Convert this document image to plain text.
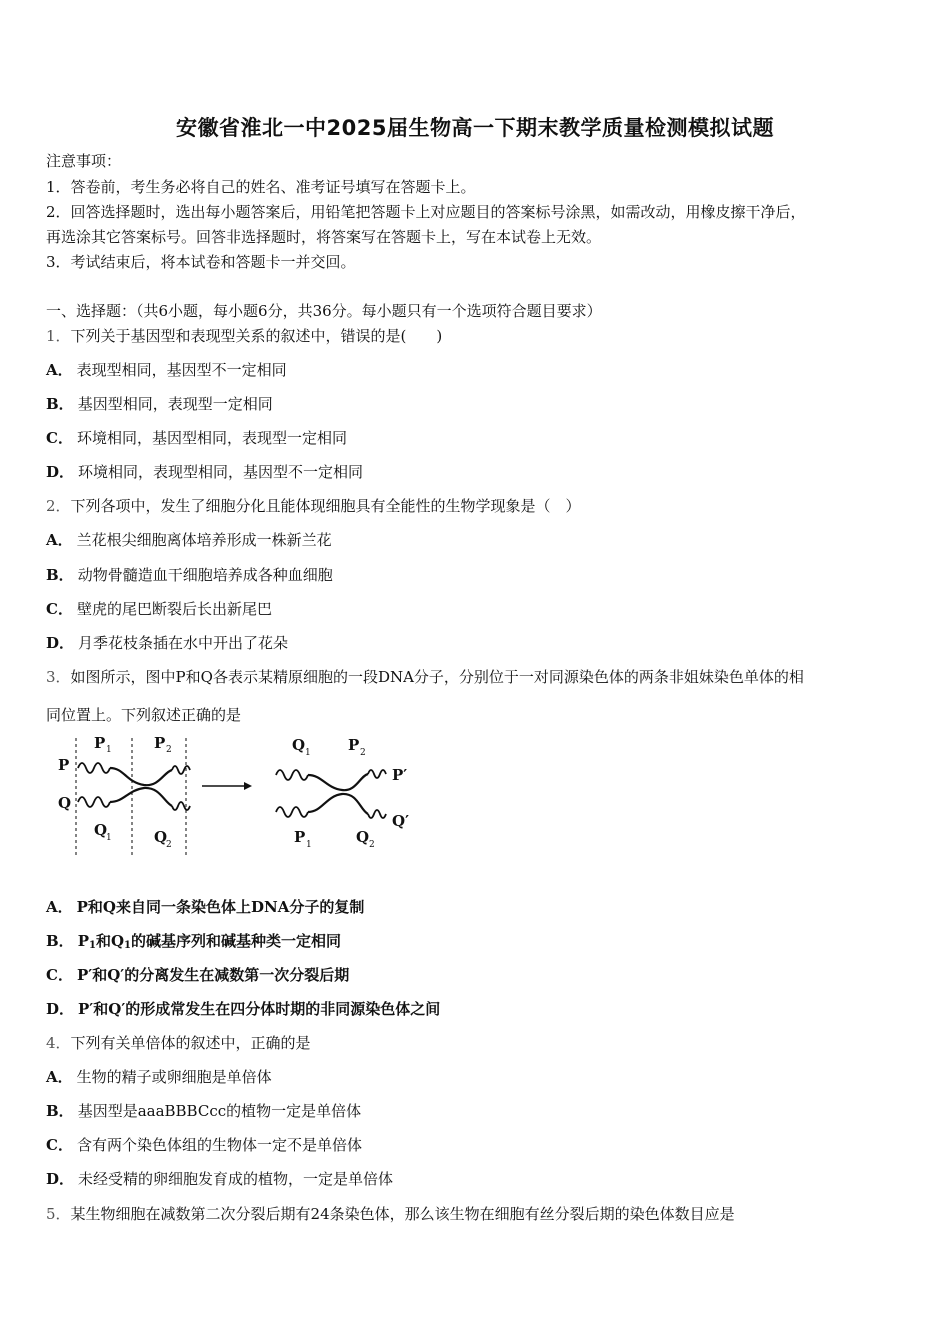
安徽省淮北一中2025届生物高一下期末教学质量检测模拟试题
注意事项：
1．答卷前，考生务必将自己的姓名、准考证号填写在答题卡上。
2．回答选择题时，选出每小题答案后，用铅笔把答题卡上对应题目的答案标号涂黑，如需改动，用橡皮擦干净后，
再选涂其它答案标号。回答非选择题时，将答案写在答题卡上，写在本试卷上无效。
3．考试结束后，将本试卷和答题卡一并交回。
一、选择题：（共6小题，每小题6分，共36分。每小题只有一个选项符合题目要求）
1．下列关于基因型和表现型关系的叙述中，错误的是(　　)
A． 表现型相同，基因型不一定相同
B． 基因型相同，表现型一定相同
C． 环境相同，基因型相同，表现型一定相同
D． 环境相同，表现型相同，基因型不一定相同
2．下列各项中，发生了细胞分化且能体现细胞具有全能性的生物学现象是（　）
A． 兰花根尖细胞离体培养形成一株新兰花
B． 动物骨髓造血干细胞培养成各种血细胞
C． 壁虎的尾巴断裂后长出新尾巴
D． 月季花枝条插在水中开出了花朵
3．如图所示，图中P和Q各表示某精原细胞的一段DNA分子，分别位于一对同源染色体的两条非姐妹染色单体的相
同位置上。下列叙述正确的是
P
Q
P 1	P 2
Q
1	Q
2
Q 1 P 2
P 1	Q 2
P′
Q′
A． P和Q来自同一条染色体上DNA分子的复制
B． $P_1$和$Q_1$的碱基序列和碱基种类一定相同
C． P′和Q′的分离发生在减数第一次分裂后期
D． P′和Q′的形成常发生在四分体时期的非同源染色体之间
4．下列有关单倍体的叙述中，正确的是
A． 生物的精子或卵细胞是单倍体
B． 基因型是aaaBBBCcc的植物一定是单倍体
C． 含有两个染色体组的生物体一定不是单倍体
D． 未经受精的卵细胞发育成的植物，一定是单倍体
5．某生物细胞在减数第二次分裂后期有24条染色体，那么该生物在细胞有丝分裂后期的染色体数目应是
